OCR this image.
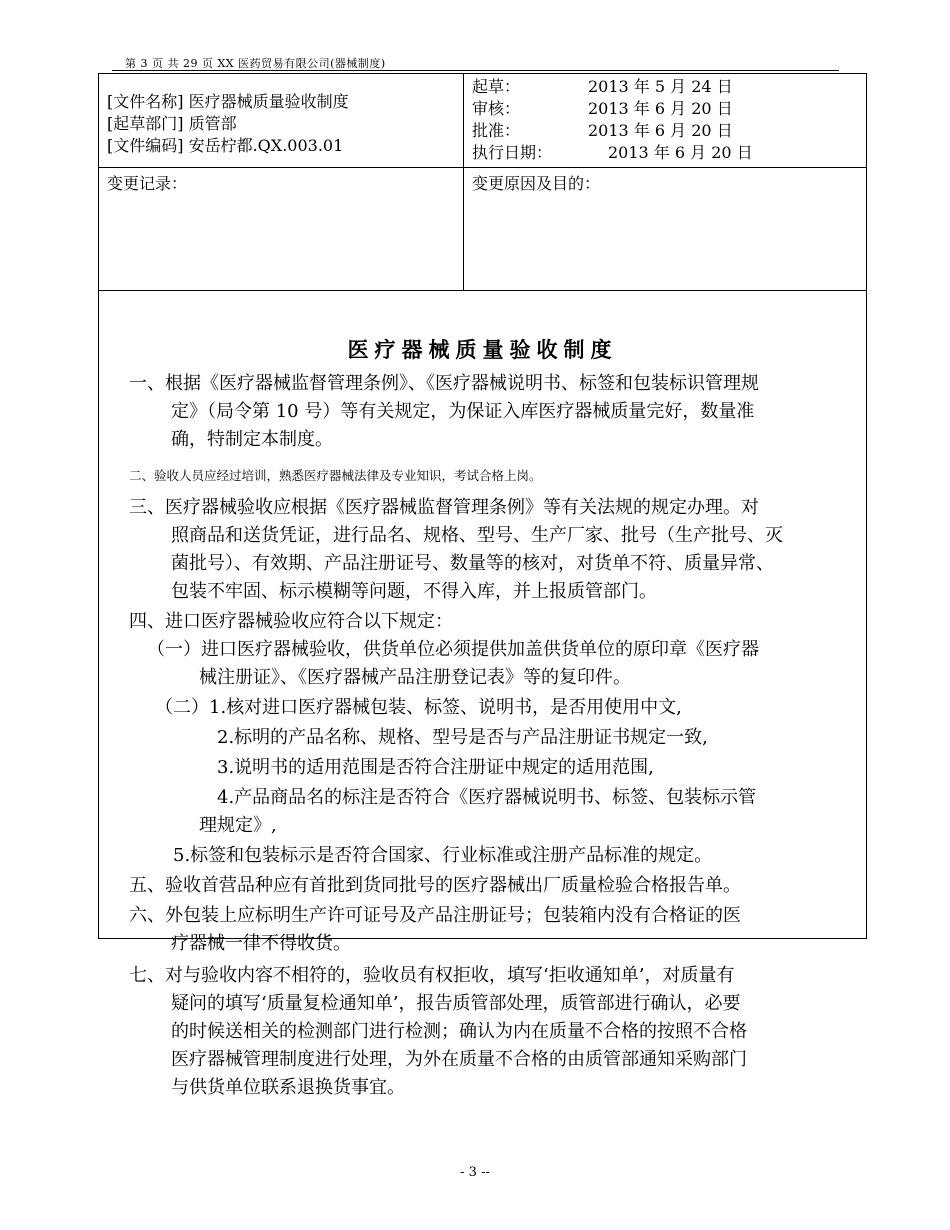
第 3 页 共 29 页 XX 医药贸易有限公司(器械制度)
[文件名称]
医疗器械质量验收制度
[起草部门]
质管部
[文件编码]
安岳柠都.QX.003.01
起草：	2013 年 5 月 24 日
审核：	2013 年 6 月 20 日
批准：	2013 年 6 月 20 日
执行日期：	2013 年 6 月 20 日
变更记录：	变更原因及目的：
医疗器械质量验收制度
一、根据《医疗器械监督管理条例》、《医疗器械说明书、标签和包装标识管理规
定》（局令第 10 号）等有关规定，为保证入库医疗器械质量完好，数量准
确，特制定本制度。
二、验收人员应经过培训，熟悉医疗器械法律及专业知识，考试合格上岗。
三、医疗器械验收应根据《医疗器械监督管理条例》等有关法规的规定办理。对
照商品和送货凭证，进行品名、规格、型号、生产厂家、批号（生产批号、灭
菌批号）、有效期、产品注册证号、数量等的核对，对货单不符、质量异常、
包装不牢固、标示模糊等问题，不得入库，并上报质管部门。
四、进口医疗器械验收应符合以下规定：
（一）进口医疗器械验收，供货单位必须提供加盖供货单位的原印章《医疗器
械注册证》、《医疗器械产品注册登记表》等的复印件。
（二）1.核对进口医疗器械包装、标签、说明书，是否用使用中文,
2.标明的产品名称、规格、型号是否与产品注册证书规定一致,
3.说明书的适用范围是否符合注册证中规定的适用范围,
4.产品商品名的标注是否符合《医疗器械说明书、标签、包装标示管
理规定》,
5.标签和包装标示是否符合国家、行业标准或注册产品标准的规定。
五、验收首营品种应有首批到货同批号的医疗器械出厂质量检验合格报告单。
六、外包装上应标明生产许可证号及产品注册证号；包装箱内没有合格证的医
疗器械一律不得收货。
七、对与验收内容不相符的，验收员有权拒收，填写‘拒收通知单’，对质量有
疑问的填写‘质量复检通知单’，报告质管部处理，质管部进行确认，必要
的时候送相关的检测部门进行检测；确认为内在质量不合格的按照不合格
医疗器械管理制度进行处理，为外在质量不合格的由质管部通知采购部门
与供货单位联系退换货事宜。
- 3 --
